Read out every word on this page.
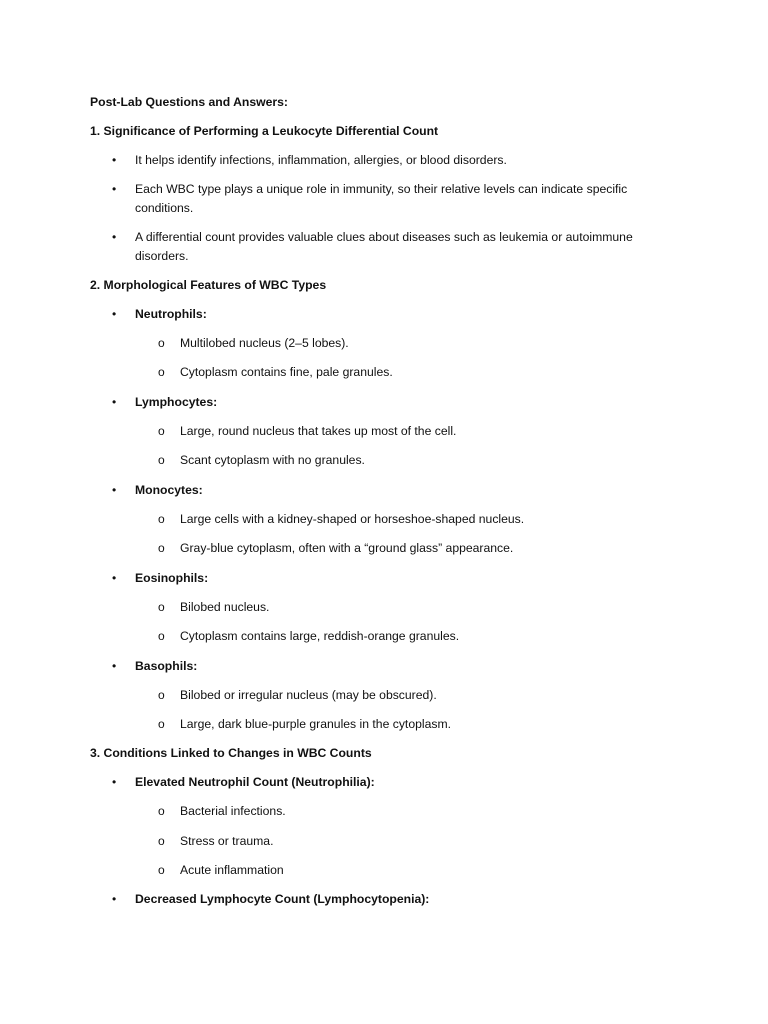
Post-Lab Questions and Answers:
1. Significance of Performing a Leukocyte Differential Count
•	It helps identify infections, inflammation, allergies, or blood disorders.
•	Each WBC type plays a unique role in immunity, so their relative levels can indicate specific
conditions.
•	A differential count provides valuable clues about diseases such as leukemia or autoimmune
disorders.
2. Morphological Features of WBC Types
•	Neutrophils:
o Multilobed nucleus (2–5 lobes).
o Cytoplasm contains fine, pale granules.
•	Lymphocytes:
o Large, round nucleus that takes up most of the cell.
o Scant cytoplasm with no granules.
•	Monocytes:
o Large cells with a kidney-shaped or horseshoe-shaped nucleus.
o Gray-blue cytoplasm, often with a “ground glass” appearance.
•	Eosinophils:
o Bilobed nucleus.
o Cytoplasm contains large, reddish-orange granules.
•	Basophils:
o Bilobed or irregular nucleus (may be obscured).
o Large, dark blue-purple granules in the cytoplasm.
3. Conditions Linked to Changes in WBC Counts
•	Elevated Neutrophil Count (Neutrophilia):
o Bacterial infections.
o Stress or trauma.
o Acute inflammation
•	Decreased Lymphocyte Count (Lymphocytopenia):
